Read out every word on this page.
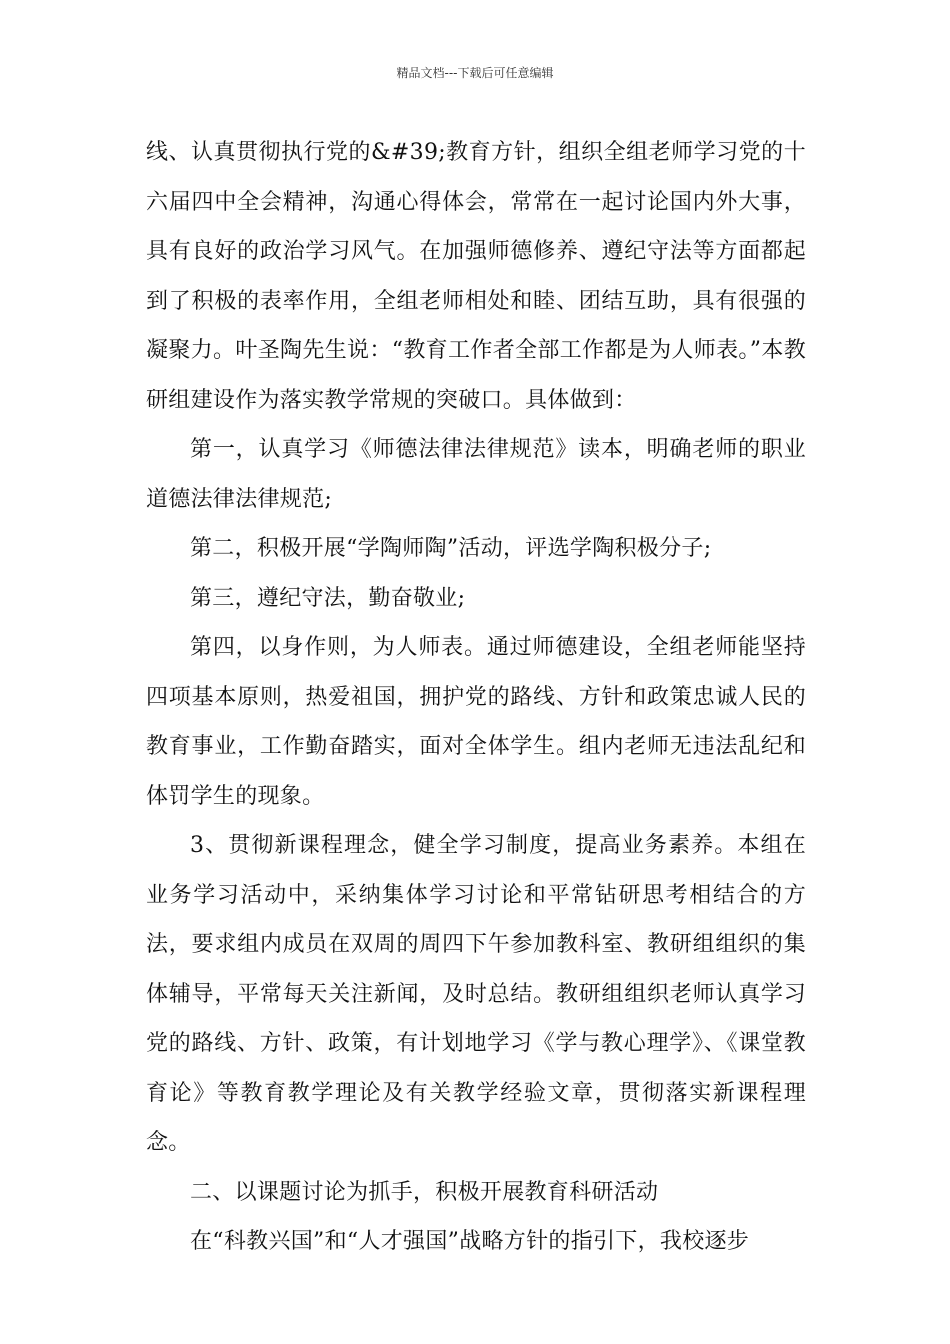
精品文档---下载后可任意编辑

线、认真贯彻执行党的&#39;教育方针，组织全组老师学习党的十六届四中全会精神，沟通心得体会，常常在一起讨论国内外大事，具有良好的政治学习风气。在加强师德修养、遵纪守法等方面都起到了积极的表率作用，全组老师相处和睦、团结互助，具有很强的凝聚力。叶圣陶先生说：“教育工作者全部工作都是为人师表。”本教研组建设作为落实教学常规的突破口。具体做到：

第一，认真学习《师德法律法律规范》读本，明确老师的职业道德法律法律规范;

第二，积极开展“学陶师陶”活动，评选学陶积极分子;

第三，遵纪守法，勤奋敬业;

第四，以身作则，为人师表。通过师德建设，全组老师能坚持四项基本原则，热爱祖国，拥护党的路线、方针和政策忠诚人民的教育事业，工作勤奋踏实，面对全体学生。组内老师无违法乱纪和体罚学生的现象。

3、贯彻新课程理念，健全学习制度，提高业务素养。本组在业务学习活动中，采纳集体学习讨论和平常钻研思考相结合的方法，要求组内成员在双周的周四下午参加教科室、教研组组织的集体辅导，平常每天关注新闻，及时总结。教研组组织老师认真学习党的路线、方针、政策，有计划地学习《学与教心理学》、《课堂教育论》等教育教学理论及有关教学经验文章，贯彻落实新课程理念。

二、以课题讨论为抓手，积极开展教育科研活动

在“科教兴国”和“人才强国”战略方针的指引下，我校逐步
